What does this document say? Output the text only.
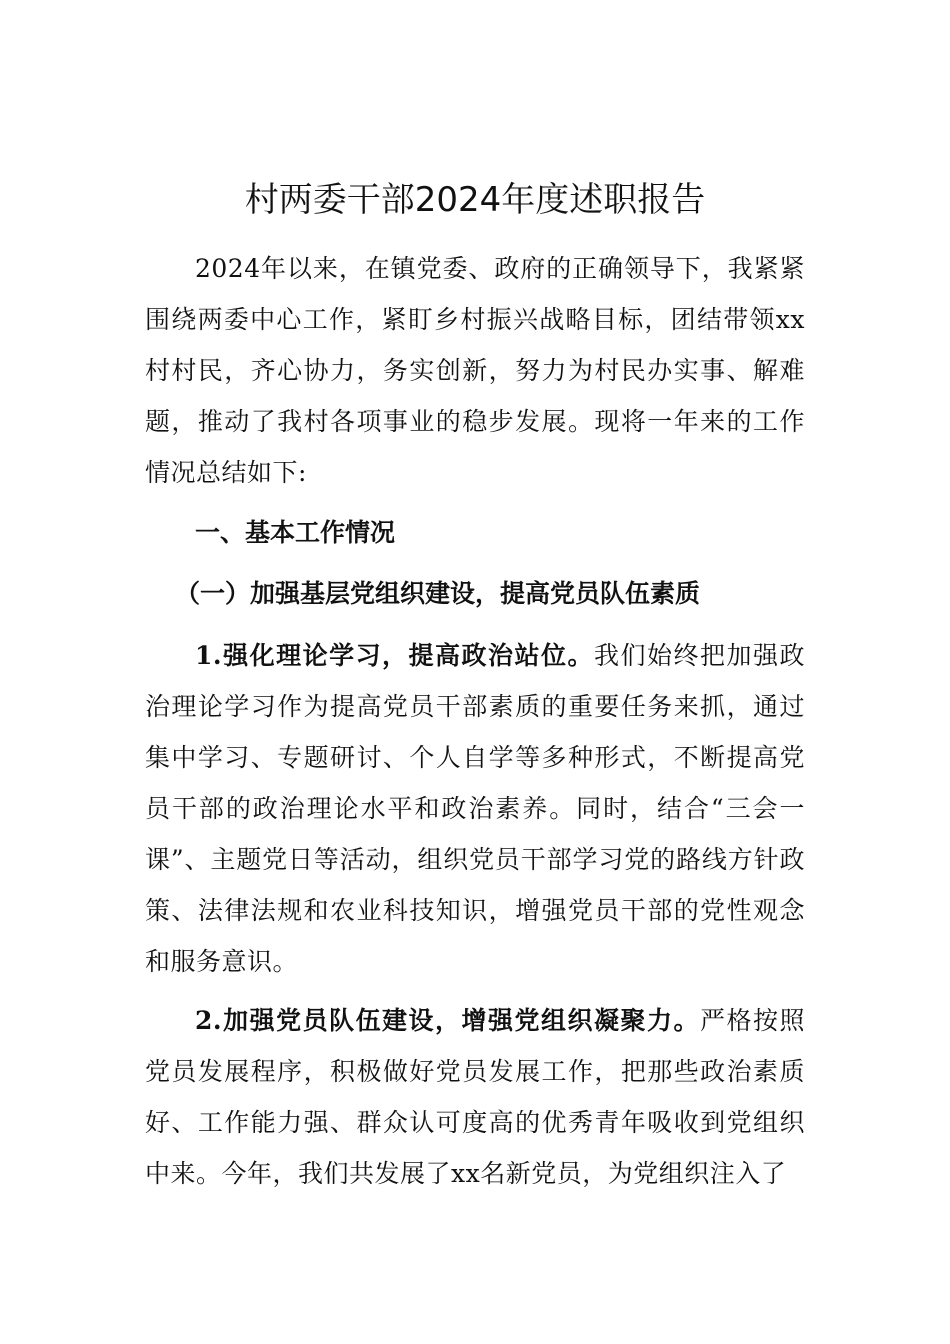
村两委干部2024年度述职报告

2024年以来，在镇党委、政府的正确领导下，我紧紧围绕两委中心工作，紧盯乡村振兴战略目标，团结带领xx村村民，齐心协力，务实创新，努力为村民办实事、解难题，推动了我村各项事业的稳步发展。现将一年来的工作情况总结如下:

一、基本工作情况

（一）加强基层党组织建设，提高党员队伍素质

1.强化理论学习，提高政治站位。我们始终把加强政治理论学习作为提高党员干部素质的重要任务来抓，通过集中学习、专题研讨、个人自学等多种形式，不断提高党员干部的政治理论水平和政治素养。同时，结合“三会一课”、主题党日等活动，组织党员干部学习党的路线方针政策、法律法规和农业科技知识，增强党员干部的党性观念和服务意识。

2.加强党员队伍建设，增强党组织凝聚力。严格按照党员发展程序，积极做好党员发展工作，把那些政治素质好、工作能力强、群众认可度高的优秀青年吸收到党组织中来。今年，我们共发展了xx名新党员，为党组织注入了
